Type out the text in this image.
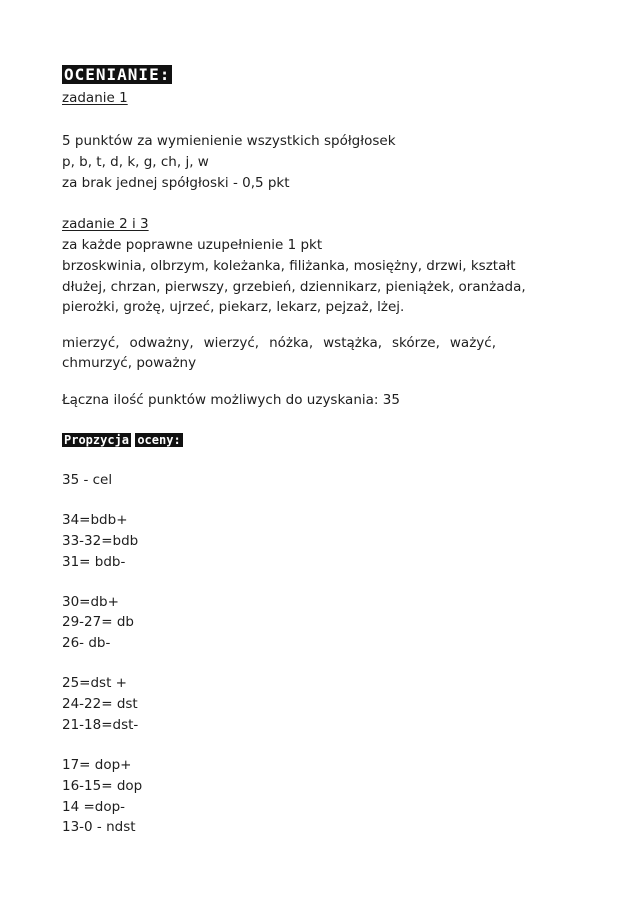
OCENIANIE:
zadanie 1
5 punktów za wymienienie wszystkich spółgłosek
p, b, t, d, k, g, ch, j, w
za brak jednej spółgłoski - 0,5 pkt
zadanie 2 i 3
za każde poprawne uzupełnienie 1 pkt
brzoskwinia, olbrzym, koleżanka, filiżanka, mosiężny, drzwi, kształt
dłużej, chrzan, pierwszy, grzebień, dziennikarz, pieniążek, oranżada,
pierożki, grożę, ujrzeć, piekarz, lekarz, pejzaż, lżej.
mierzyć, odważny, wierzyć, nóżka, wstążka, skórze, ważyć,
chmurzyć, poważny
Łączna ilość punktów możliwych do uzyskania: 35
Propzycja oceny:
35 - cel
34=bdb+
33-32=bdb
31= bdb-
30=db+
29-27= db
26- db-
25=dst +
24-22= dst
21-18=dst-
17= dop+
16-15= dop
14 =dop-
13-0 - ndst
